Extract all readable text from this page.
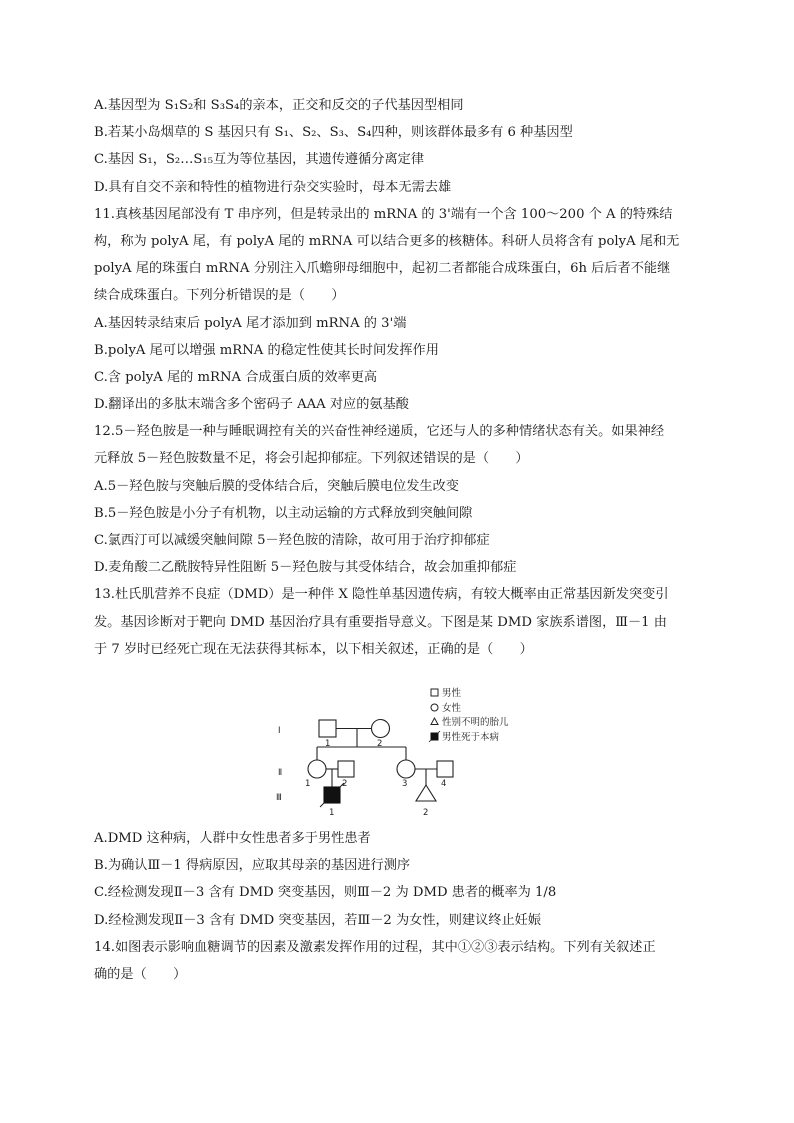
A.基因型为 S₁S₂和 S₃S₄的亲本，正交和反交的子代基因型相同
B.若某小岛烟草的 S 基因只有 S₁、S₂、S₃、S₄四种，则该群体最多有 6 种基因型
C.基因 S₁，S₂…S₁₅互为等位基因，其遗传遵循分离定律
D.具有自交不亲和特性的植物进行杂交实验时，母本无需去雄
11.真核基因尾部没有 T 串序列，但是转录出的 mRNA 的 3'端有一个含 100～200 个 A 的特殊结
构，称为 polyA 尾，有 polyA 尾的 mRNA 可以结合更多的核糖体。科研人员将含有 polyA 尾和无
polyA 尾的珠蛋白 mRNA 分别注入爪蟾卵母细胞中，起初二者都能合成珠蛋白，6h 后后者不能继
续合成珠蛋白。下列分析错误的是（　　）
A.基因转录结束后 polyA 尾才添加到 mRNA 的 3'端
B.polyA 尾可以增强 mRNA 的稳定性使其长时间发挥作用
C.含 polyA 尾的 mRNA 合成蛋白质的效率更高
D.翻译出的多肽末端含多个密码子 AAA 对应的氨基酸
12.5－羟色胺是一种与睡眠调控有关的兴奋性神经递质，它还与人的多种情绪状态有关。如果神经
元释放 5－羟色胺数量不足，将会引起抑郁症。下列叙述错误的是（　　）
A.5－羟色胺与突触后膜的受体结合后，突触后膜电位发生改变
B.5－羟色胺是小分子有机物，以主动运输的方式释放到突触间隙
C.氯西汀可以减缓突触间隙 5－羟色胺的清除，故可用于治疗抑郁症
D.麦角酸二乙酰胺特异性阻断 5－羟色胺与其受体结合，故会加重抑郁症
13.杜氏肌营养不良症（DMD）是一种伴 X 隐性单基因遗传病，有较大概率由正常基因新发突变引
发。基因诊断对于靶向 DMD 基因治疗具有重要指导意义。下图是某 DMD 家族系谱图，Ⅲ－1 由
于 7 岁时已经死亡现在无法获得其标本，以下相关叙述，正确的是（　　）
男性
女性
性别不明的胎儿
男性死于本病
Ⅰ
Ⅱ
Ⅲ
1	2
1	2	3	4
1	2
A.DMD 这种病，人群中女性患者多于男性患者
B.为确认Ⅲ－1 得病原因，应取其母亲的基因进行测序
C.经检测发现Ⅱ－3 含有 DMD 突变基因，则Ⅲ－2 为 DMD 患者的概率为 1/8
D.经检测发现Ⅱ－3 含有 DMD 突变基因，若Ⅲ－2 为女性，则建议终止妊娠
14.如图表示影响血糖调节的因素及激素发挥作用的过程，其中①②③表示结构。下列有关叙述正
确的是（　　）
